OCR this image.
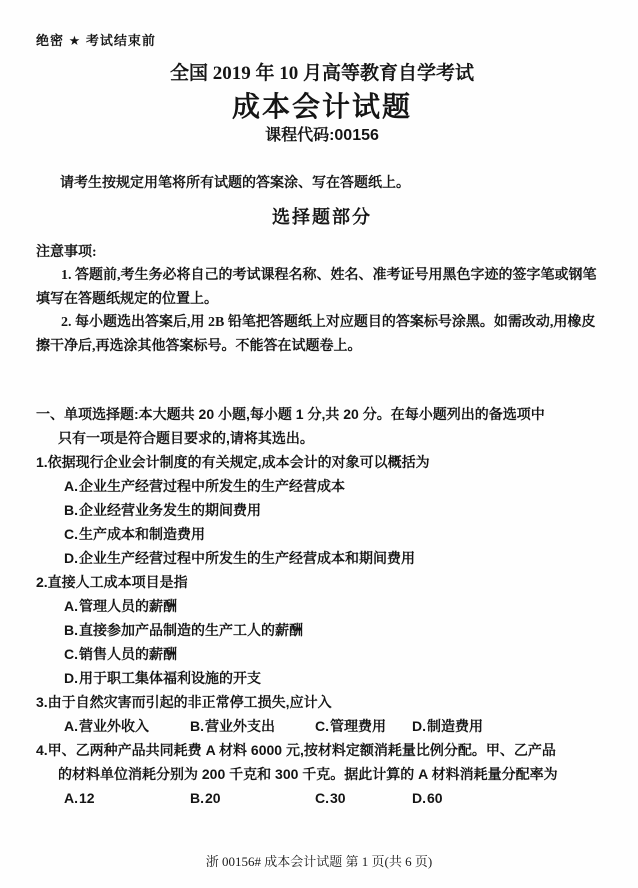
绝密 ★ 考试结束前
全国 2019 年 10 月高等教育自学考试
成本会计试题
课程代码:00156
请考生按规定用笔将所有试题的答案涂、写在答题纸上。
选择题部分
注意事项:
1. 答题前,考生务必将自己的考试课程名称、姓名、准考证号用黑色字迹的签字笔或钢笔填写在答题纸规定的位置上。
2. 每小题选出答案后,用 2B 铅笔把答题纸上对应题目的答案标号涂黑。如需改动,用橡皮擦干净后,再选涂其他答案标号。不能答在试题卷上。
一、单项选择题:本大题共 20 小题,每小题 1 分,共 20 分。在每小题列出的备选项中
只有一项是符合题目要求的,请将其选出。
1.依据现行企业会计制度的有关规定,成本会计的对象可以概括为
A.企业生产经营过程中所发生的生产经营成本
B.企业经营业务发生的期间费用
C.生产成本和制造费用
D.企业生产经营过程中所发生的生产经营成本和期间费用
2.直接人工成本项目是指
A.管理人员的薪酬
B.直接参加产品制造的生产工人的薪酬
C.销售人员的薪酬
D.用于职工集体福利设施的开支
3.由于自然灾害而引起的非正常停工损失,应计入
A.营业外收入	B.营业外支出	C.管理费用	D.制造费用
4.甲、乙两种产品共同耗费 A 材料 6000 元,按材料定额消耗量比例分配。甲、乙产品
的材料单位消耗分别为 200 千克和 300 千克。据此计算的 A 材料消耗量分配率为
A.12	B.20	C.30	D.60
浙 00156# 成本会计试题 第 1 页(共 6 页)
